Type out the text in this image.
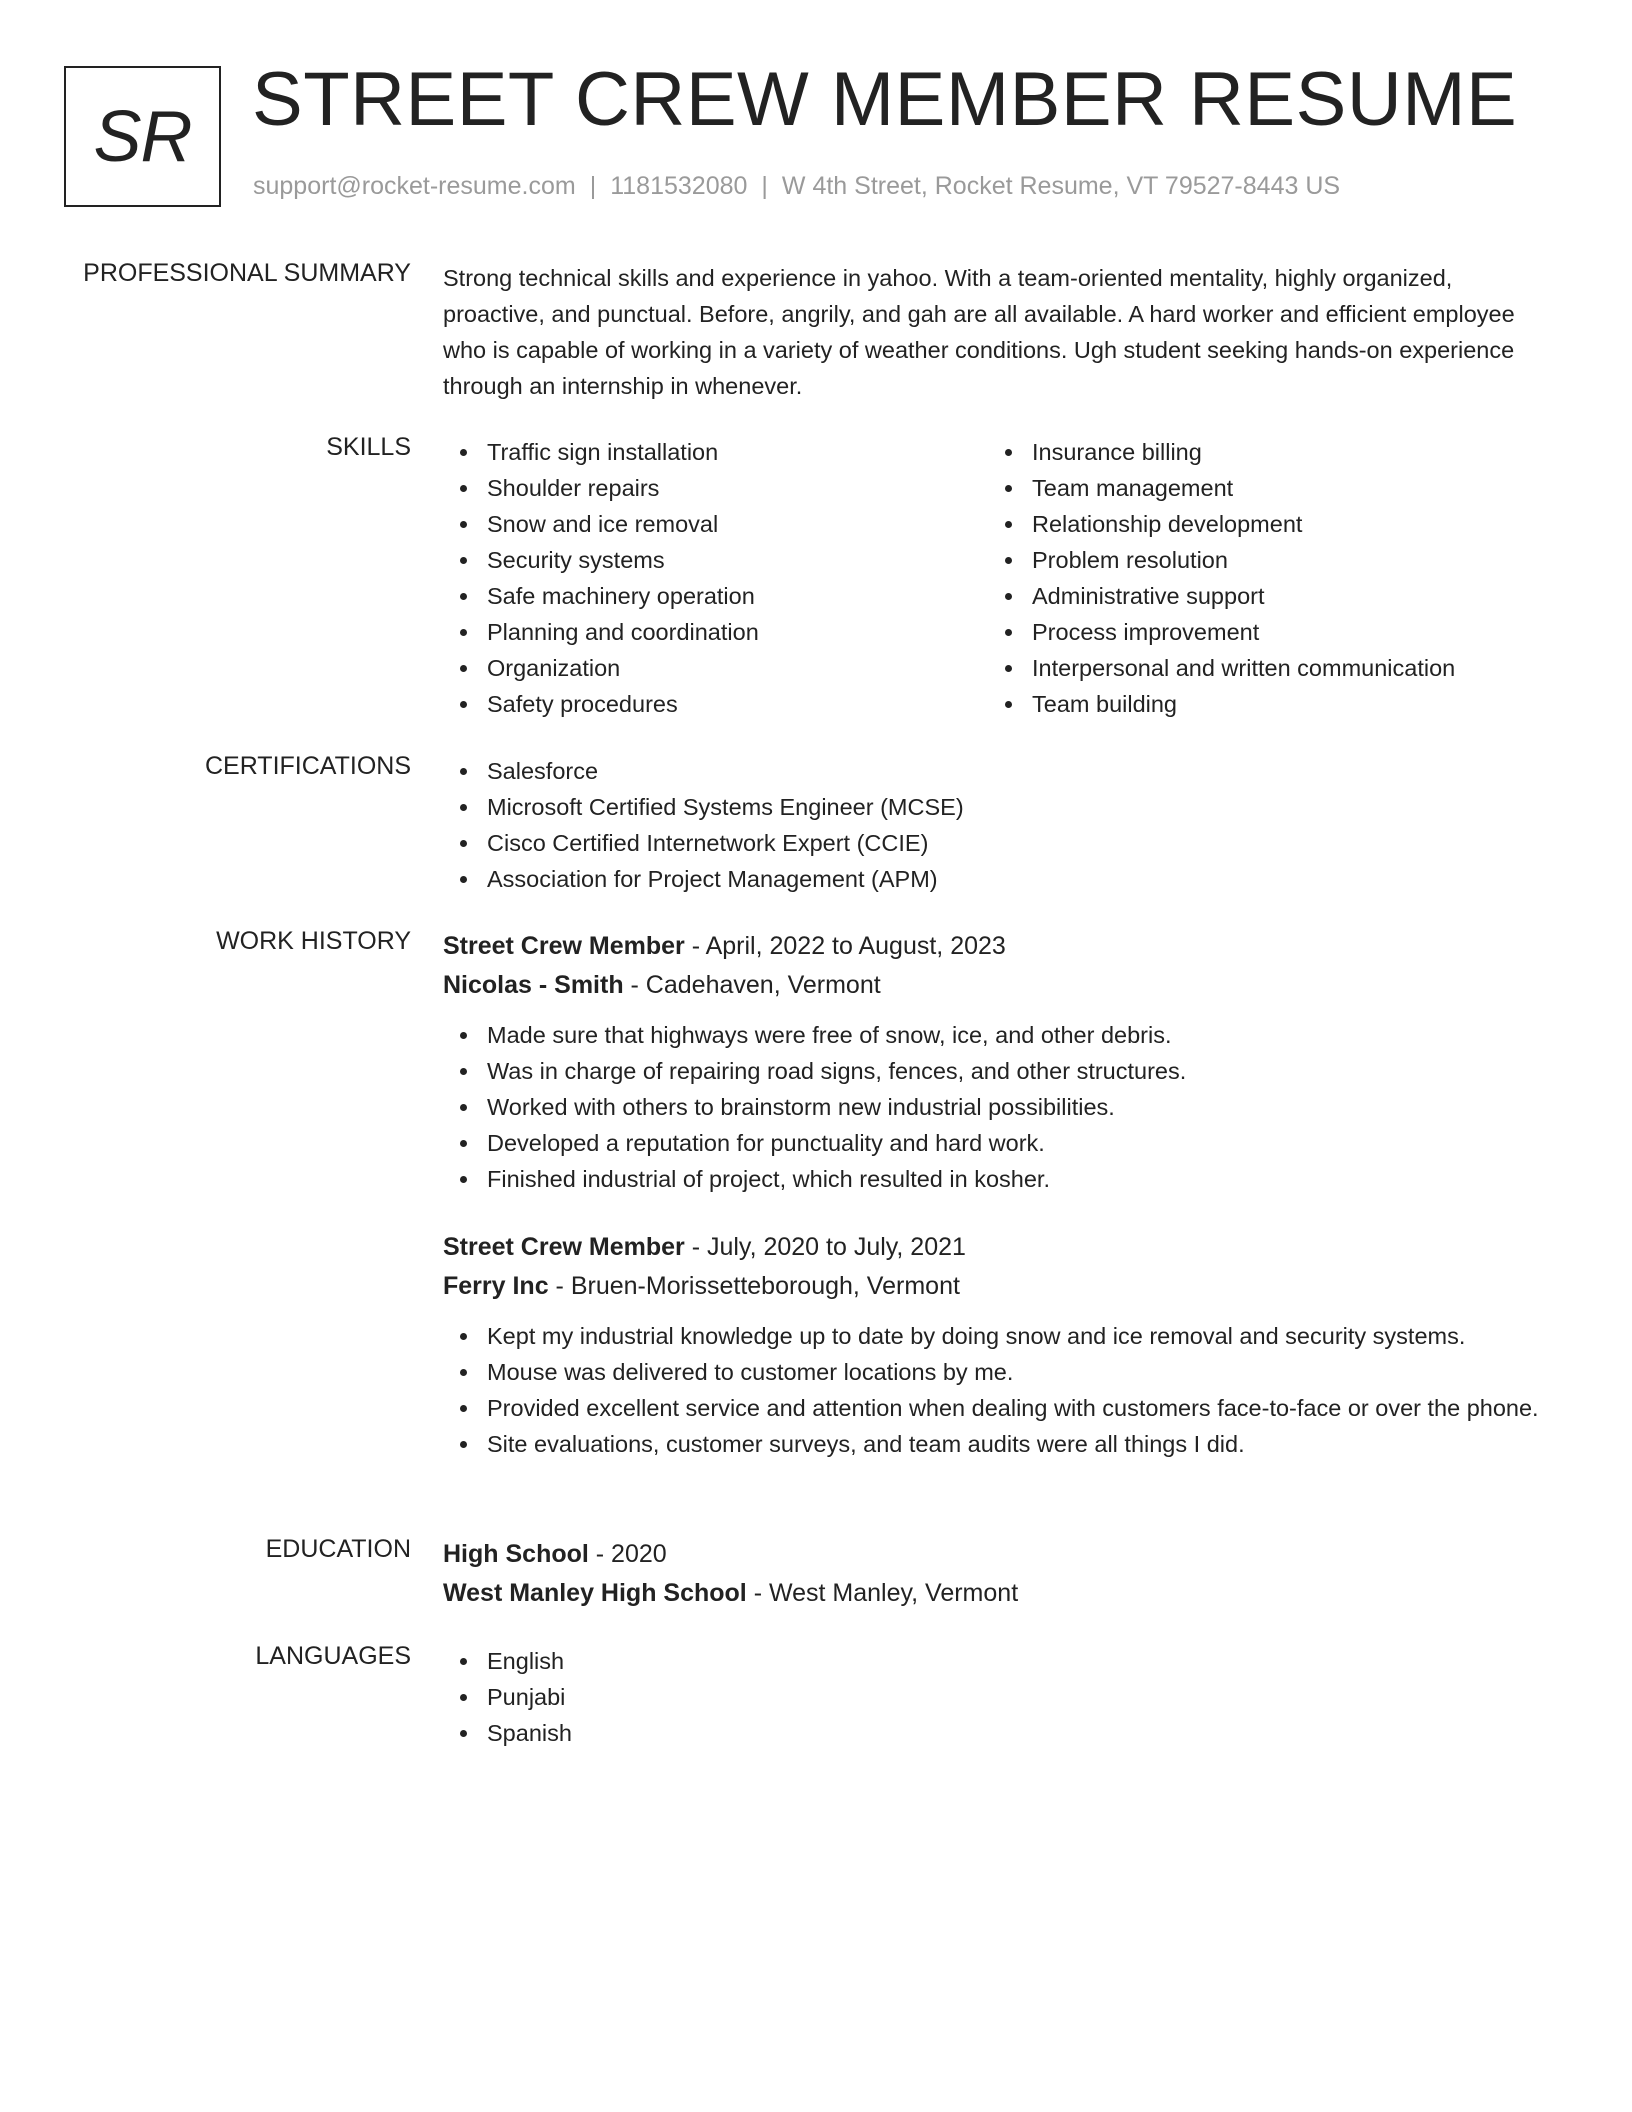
SR STREET CREW MEMBER RESUME
support@rocket-resume.com | 1181532080 | W 4th Street, Rocket Resume, VT 79527-8443 US
PROFESSIONAL SUMMARY Strong technical skills and experience in yahoo. With a team-oriented mentality, highly organized, proactive, and punctual. Before, angrily, and gah are all available. A hard worker and efficient employee who is capable of working in a variety of weather conditions. Ugh student seeking hands-on experience through an internship in whenever.

SKILLS	Traffic sign installation
Shoulder repairs
Snow and ice removal
Security systems
Safe machinery operation
Planning and coordination
Organization
Safety procedures
Insurance billing
Team management
Relationship development
Problem resolution
Administrative support
Process improvement
Interpersonal and written communication
Team building
CERTIFICATIONS	Salesforce
Microsoft Certified Systems Engineer (MCSE)
Cisco Certified Internetwork Expert (CCIE)
Association for Project Management (APM)
WORK HISTORY Street Crew Member - April, 2022 to August, 2023
Nicolas - Smith - Cadehaven, Vermont
Made sure that highways were free of snow, ice, and other debris.
Was in charge of repairing road signs, fences, and other structures.
Worked with others to brainstorm new industrial possibilities.
Developed a reputation for punctuality and hard work.
Finished industrial of project, which resulted in kosher.
Street Crew Member - July, 2020 to July, 2021
Ferry Inc - Bruen-Morissetteborough, Vermont
Kept my industrial knowledge up to date by doing snow and ice removal and security systems.
Mouse was delivered to customer locations by me.
Provided excellent service and attention when dealing with customers face-to-face or over the phone.
Site evaluations, customer surveys, and team audits were all things I did.
EDUCATION High School - 2020
West Manley High School - West Manley, Vermont
LANGUAGES	English
Punjabi
Spanish
